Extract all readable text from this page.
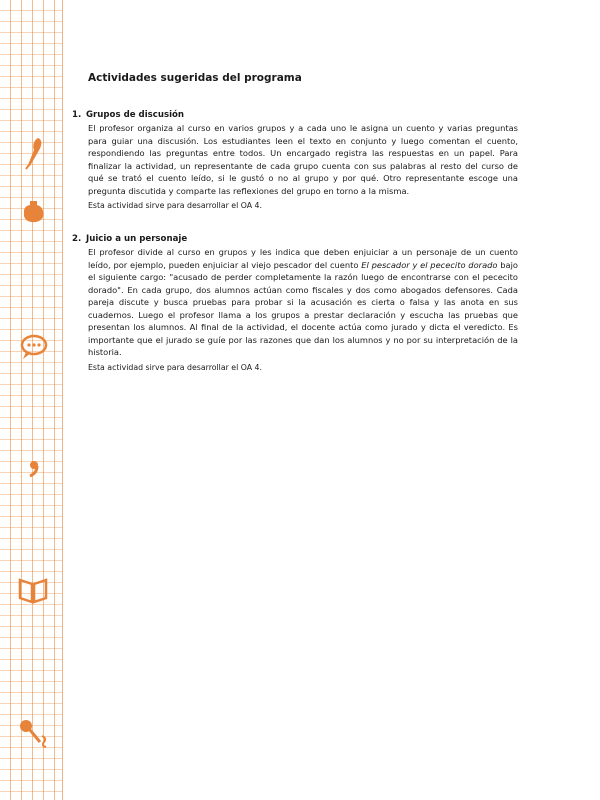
Actividades sugeridas del programa
1. Grupos de discusión

El profesor organiza al curso en varios grupos y a cada uno le asigna un cuento y varias preguntas para guiar una discusión. Los estudiantes leen el texto en conjunto y luego comentan el cuento, respondiendo las preguntas entre todos. Un encargado registra las respuestas en un papel. Para finalizar la actividad, un representante de cada grupo cuenta con sus palabras al resto del curso de qué se trató el cuento leído, si le gustó o no al grupo y por qué. Otro representante escoge una pregunta discutida y comparte las reflexiones del grupo en torno a la misma.

Esta actividad sirve para desarrollar el OA 4.

2. Juicio a un personaje

El profesor divide al curso en grupos y les indica que deben enjuiciar a un personaje de un cuento leído, por ejemplo, pueden enjuiciar al viejo pescador del cuento El pescador y el pececito dorado bajo el siguiente cargo: "acusado de perder completamente la razón luego de encontrarse con el pececito dorado". En cada grupo, dos alumnos actúan como fiscales y dos como abogados defensores. Cada pareja discute y busca pruebas para probar si la acusación es cierta o falsa y las anota en sus cuadernos. Luego el profesor llama a los grupos a prestar declaración y escucha las pruebas que presentan los alumnos. Al final de la actividad, el docente actúa como jurado y dicta el veredicto. Es importante que el jurado se guíe por las razones que dan los alumnos y no por su interpretación de la historia.

Esta actividad sirve para desarrollar el OA 4.
